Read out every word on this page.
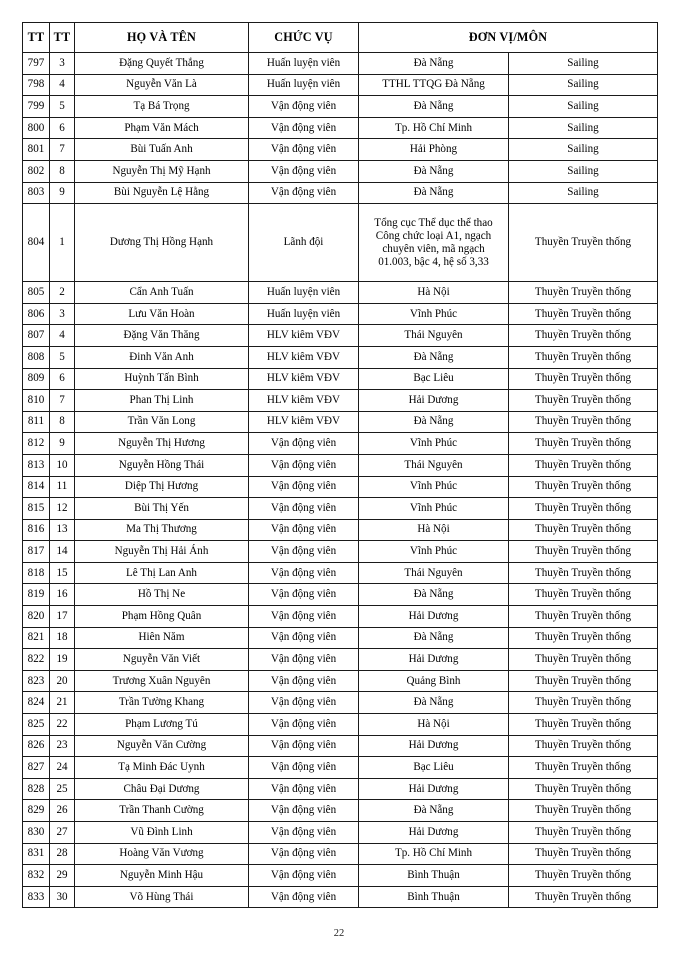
TT	TT	HỌ VÀ TÊN	CHỨC VỤ	ĐƠN VỊ/MÔN	
797	3	Đặng Quyết Thắng	Huấn luyện viên	Đà Nẵng	Sailing
798	4	Nguyễn Văn Là	Huấn luyện viên	TTHL TTQG Đà Nẵng	Sailing
799	5	Tạ Bá Trọng	Vận động viên	Đà Nẵng	Sailing
800	6	Phạm Văn Mách	Vận động viên	Tp. Hồ Chí Minh	Sailing
801	7	Bùi Tuấn Anh	Vận động viên	Hải Phòng	Sailing
802	8	Nguyễn Thị Mỹ Hạnh	Vận động viên	Đà Nẵng	Sailing
803	9	Bùi Nguyễn Lệ Hằng	Vận động viên	Đà Nẵng	Sailing
804	1	Dương Thị Hồng Hạnh	Lãnh đội	Tổng cục Thể dục thể thao
Công chức loại A1, ngạch
chuyên viên, mã ngạch
01.003, bậc 4, hệ số 3,33	Thuyền Truyền thống
805	2	Cẩn Anh Tuấn	Huấn luyện viên	Hà Nội	Thuyền Truyền thống
806	3	Lưu Văn Hoàn	Huấn luyện viên	Vĩnh Phúc	Thuyền Truyền thống
807	4	Đặng Văn Thăng	HLV kiêm VĐV	Thái Nguyên	Thuyền Truyền thống
808	5	Đinh Văn Anh	HLV kiêm VĐV	Đà Nẵng	Thuyền Truyền thống
809	6	Huỳnh Tấn Bình	HLV kiêm VĐV	Bạc Liêu	Thuyền Truyền thống
810	7	Phan Thị Linh	HLV kiêm VĐV	Hải Dương	Thuyền Truyền thống
811	8	Trần Văn Long	HLV kiêm VĐV	Đà Nẵng	Thuyền Truyền thống
812	9	Nguyễn Thị Hương	Vận động viên	Vĩnh Phúc	Thuyền Truyền thống
813	10	Nguyễn Hồng Thái	Vận động viên	Thái Nguyên	Thuyền Truyền thống
814	11	Diệp Thị Hương	Vận động viên	Vĩnh Phúc	Thuyền Truyền thống
815	12	Bùi Thị Yến	Vận động viên	Vĩnh Phúc	Thuyền Truyền thống
816	13	Ma Thị Thương	Vận động viên	Hà Nội	Thuyền Truyền thống
817	14	Nguyễn Thị Hải Ánh	Vận động viên	Vĩnh Phúc	Thuyền Truyền thống
818	15	Lê Thị Lan Anh	Vận động viên	Thái Nguyên	Thuyền Truyền thống
819	16	Hồ Thị Ne	Vận động viên	Đà Nẵng	Thuyền Truyền thống
820	17	Phạm Hồng Quân	Vận động viên	Hải Dương	Thuyền Truyền thống
821	18	Hiên Năm	Vận động viên	Đà Nẵng	Thuyền Truyền thống
822	19	Nguyễn Văn Viết	Vận động viên	Hải Dương	Thuyền Truyền thống
823	20	Trương Xuân Nguyên	Vận động viên	Quảng Bình	Thuyền Truyền thống
824	21	Trần Tường Khang	Vận động viên	Đà Nẵng	Thuyền Truyền thống
825	22	Phạm Lương Tú	Vận động viên	Hà Nội	Thuyền Truyền thống
826	23	Nguyễn Văn Cường	Vận động viên	Hải Dương	Thuyền Truyền thống
827	24	Tạ Minh Đác Uynh	Vận động viên	Bạc Liêu	Thuyền Truyền thống
828	25	Châu Đại Dương	Vận động viên	Hải Dương	Thuyền Truyền thống
829	26	Trần Thanh Cường	Vận động viên	Đà Nẵng	Thuyền Truyền thống
830	27	Vũ Đình Linh	Vận động viên	Hải Dương	Thuyền Truyền thống
831	28	Hoàng Văn Vương	Vận động viên	Tp. Hồ Chí Minh	Thuyền Truyền thống
832	29	Nguyễn Minh Hậu	Vận động viên	Bình Thuận	Thuyền Truyền thống
833	30	Võ Hùng Thái	Vận động viên	Bình Thuận	Thuyền Truyền thống
22
